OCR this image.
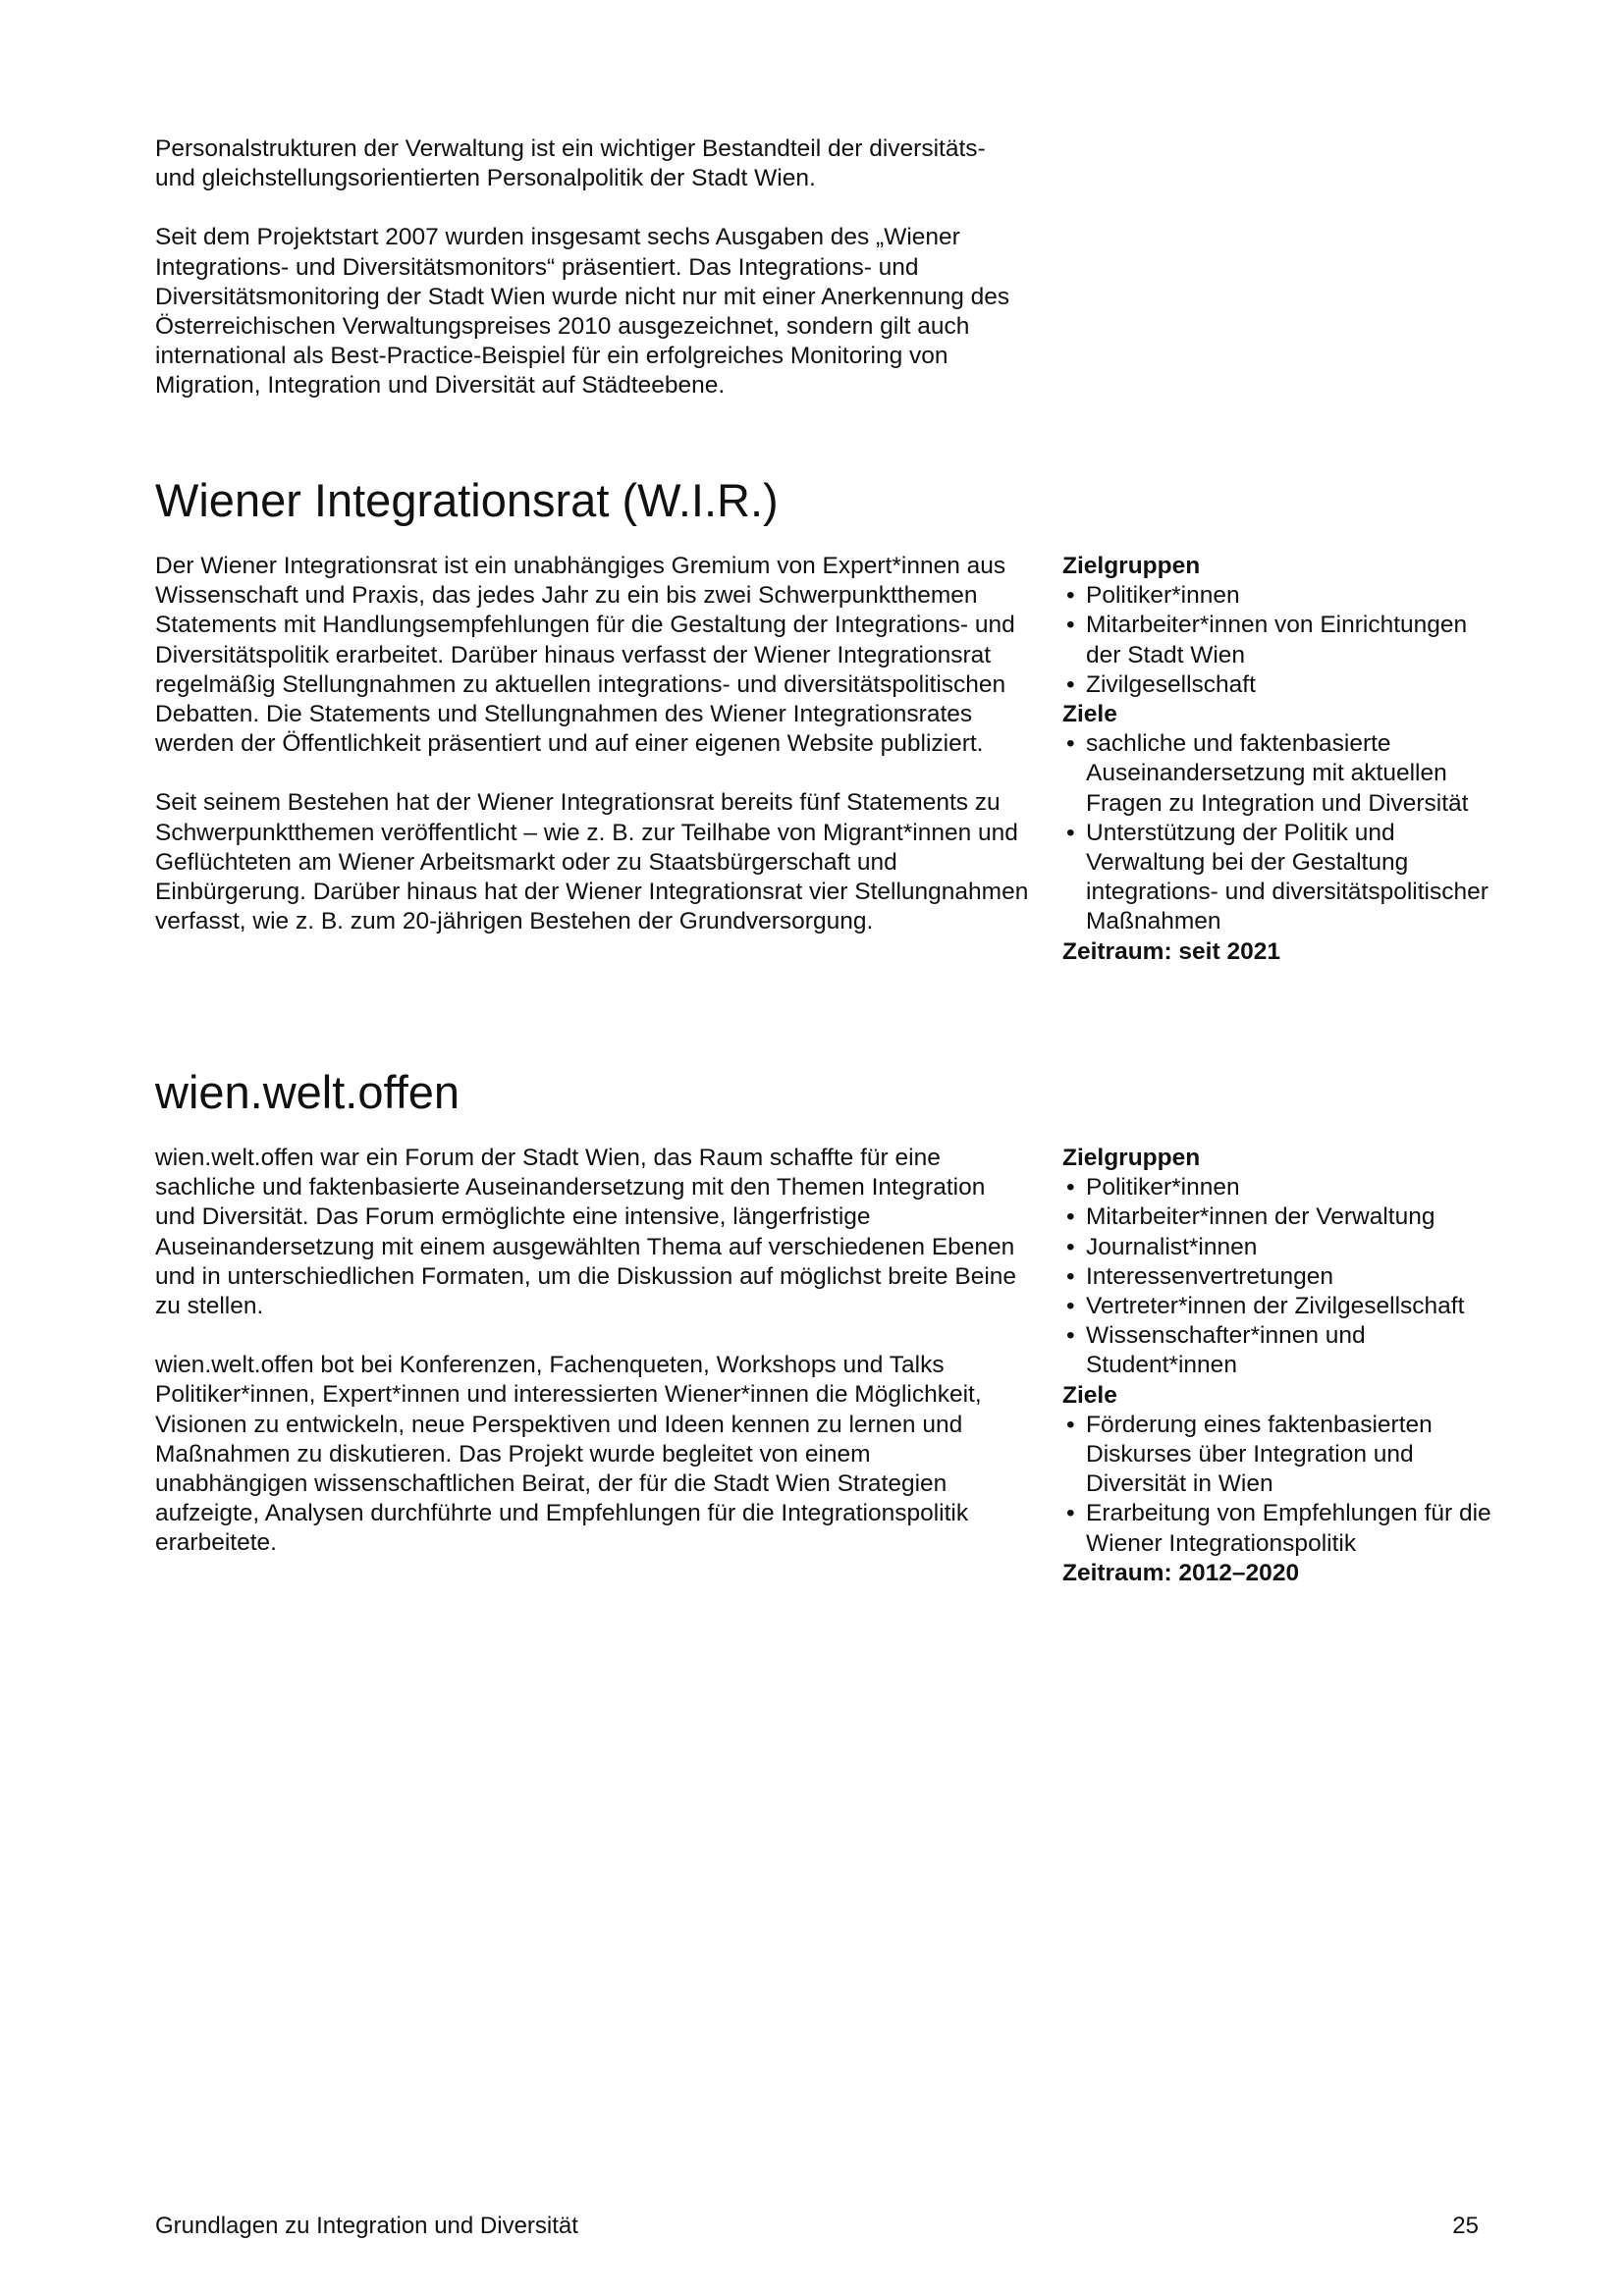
Personalstrukturen der Verwaltung ist ein wichtiger Bestandteil der diversitäts- und gleichstellungsorientierten Personalpolitik der Stadt Wien.

Seit dem Projektstart 2007 wurden insgesamt sechs Ausgaben des „Wiener Integrations- und Diversitätsmonitors“ präsentiert. Das Integrations- und Diversitätsmonitoring der Stadt Wien wurde nicht nur mit einer Anerkennung des Österreichischen Verwaltungspreises 2010 ausgezeichnet, sondern gilt auch international als Best-Practice-Beispiel für ein erfolgreiches Monitoring von Migration, Integration und Diversität auf Städteebene.

Wiener Integrationsrat (W.I.R.)

Der Wiener Integrationsrat ist ein unabhängiges Gremium von Expert*innen aus Wissenschaft und Praxis, das jedes Jahr zu ein bis zwei Schwerpunktthemen Statements mit Handlungsempfehlungen für die Gestaltung der Integrations- und Diversitätspolitik erarbeitet. Darüber hinaus verfasst der Wiener Integrationsrat regelmäßig Stellungnahmen zu aktuellen integrations- und diversitätspolitischen Debatten. Die Statements und Stellungnahmen des Wiener Integrationsrates werden der Öffentlichkeit präsentiert und auf einer eigenen Website publiziert.

Seit seinem Bestehen hat der Wiener Integrationsrat bereits fünf Statements zu Schwerpunktthemen veröffentlicht – wie z. B. zur Teilhabe von Migrant*innen und Geflüchteten am Wiener Arbeitsmarkt oder zu Staatsbürgerschaft und Einbürgerung. Darüber hinaus hat der Wiener Integrationsrat vier Stellungnahmen verfasst, wie z. B. zum 20-jährigen Bestehen der Grundversorgung.

Zielgruppen

• Politiker*innen
• Mitarbeiter*innen von Einrichtungen der Stadt Wien
• Zivilgesellschaft

Ziele

• sachliche und faktenbasierte Auseinandersetzung mit aktuellen Fragen zu Integration und Diversität
• Unterstützung der Politik und Verwaltung bei der Gestaltung integrations- und diversitätspolitischer Maßnahmen

Zeitraum: seit 2021

wien.welt.offen

wien.welt.offen war ein Forum der Stadt Wien, das Raum schaffte für eine sachliche und faktenbasierte Auseinandersetzung mit den Themen Integration und Diversität. Das Forum ermöglichte eine intensive, längerfristige Auseinandersetzung mit einem ausgewählten Thema auf verschiedenen Ebenen und in unterschiedlichen Formaten, um die Diskussion auf möglichst breite Beine zu stellen.

wien.welt.offen bot bei Konferenzen, Fachenqueten, Workshops und Talks Politiker*innen, Expert*innen und interessierten Wiener*innen die Möglichkeit, Visionen zu entwickeln, neue Perspektiven und Ideen kennen zu lernen und Maßnahmen zu diskutieren. Das Projekt wurde begleitet von einem unabhängigen wissenschaftlichen Beirat, der für die Stadt Wien Strategien aufzeigte, Analysen durchführte und Empfehlungen für die Integrationspolitik erarbeitete.

Zielgruppen

• Politiker*innen
• Mitarbeiter*innen der Verwaltung
• Journalist*innen
• Interessenvertretungen
• Vertreter*innen der Zivilgesellschaft
• Wissenschafter*innen und Student*innen

Ziele

• Förderung eines faktenbasierten Diskurses über Integration und Diversität in Wien
• Erarbeitung von Empfehlungen für die Wiener Integrationspolitik

Zeitraum: 2012–2020

Grundlagen zu Integration und Diversität	25
